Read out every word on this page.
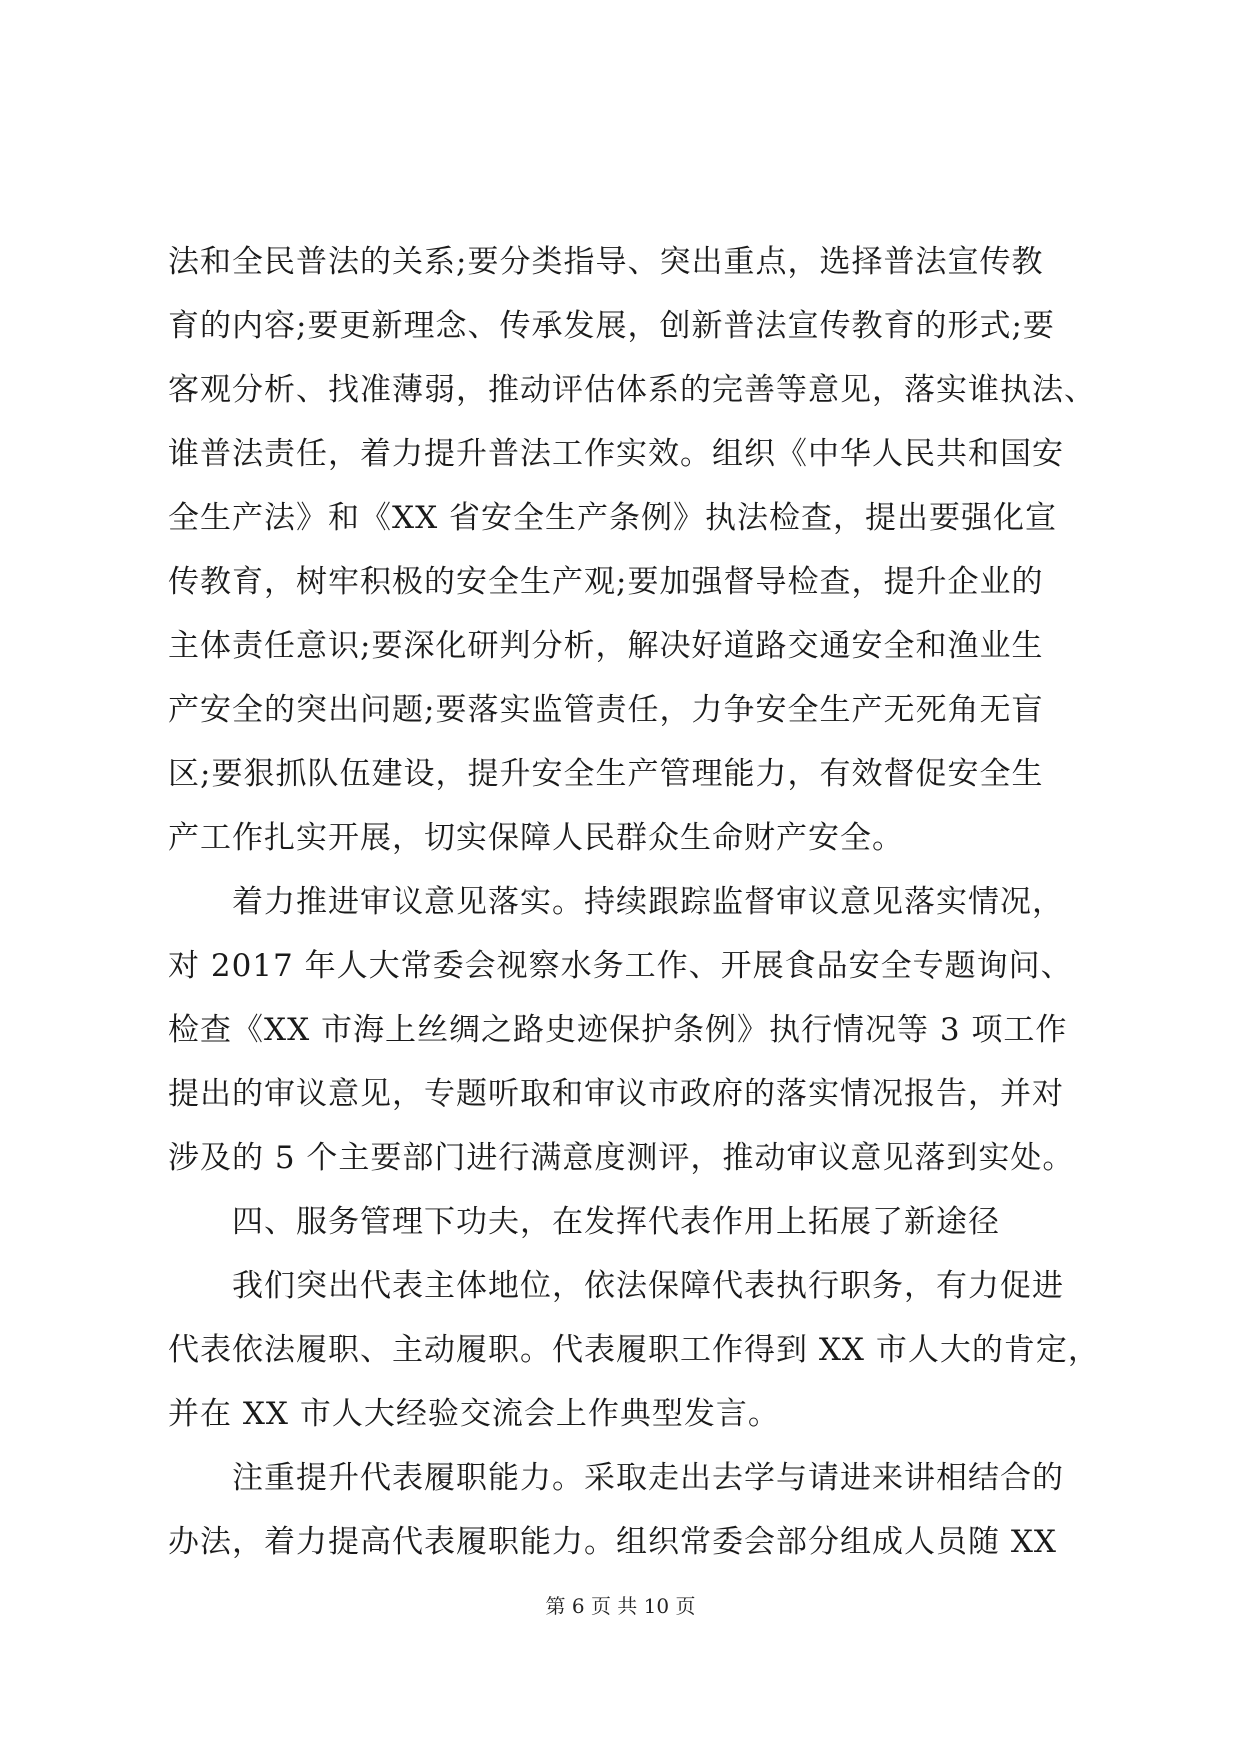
法和全民普法的关系;要分类指导、突出重点，选择普法宣传教
育的内容;要更新理念、传承发展，创新普法宣传教育的形式;要
客观分析、找准薄弱，推动评估体系的完善等意见，落实谁执法、
谁普法责任，着力提升普法工作实效。组织《中华人民共和国安
全生产法》和《XX 省安全生产条例》执法检查，提出要强化宣
传教育，树牢积极的安全生产观;要加强督导检查，提升企业的
主体责任意识;要深化研判分析，解决好道路交通安全和渔业生
产安全的突出问题;要落实监管责任，力争安全生产无死角无盲
区;要狠抓队伍建设，提升安全生产管理能力，有效督促安全生
产工作扎实开展，切实保障人民群众生命财产安全。
　　着力推进审议意见落实。持续跟踪监督审议意见落实情况，
对 2017 年人大常委会视察水务工作、开展食品安全专题询问、
检查《XX 市海上丝绸之路史迹保护条例》执行情况等 3 项工作
提出的审议意见，专题听取和审议市政府的落实情况报告，并对
涉及的 5 个主要部门进行满意度测评，推动审议意见落到实处。
　　四、服务管理下功夫，在发挥代表作用上拓展了新途径
　　我们突出代表主体地位，依法保障代表执行职务，有力促进
代表依法履职、主动履职。代表履职工作得到 XX 市人大的肯定，
并在 XX 市人大经验交流会上作典型发言。
　　注重提升代表履职能力。采取走出去学与请进来讲相结合的
办法，着力提高代表履职能力。组织常委会部分组成人员随 XX
第 6 页 共 10 页
